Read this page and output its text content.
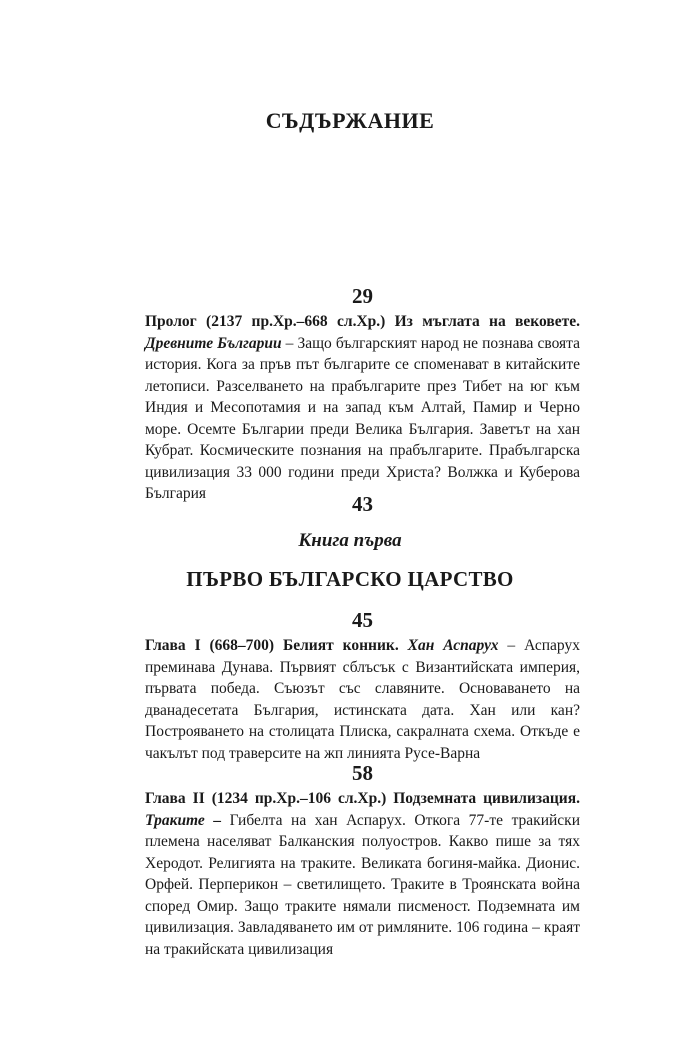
СЪДЪРЖАНИЕ
29
Пролог (2137 пр.Хр.–668 сл.Хр.) Из мъглата на вековете. Древните Българии – Защо българският народ не познава своята история. Кога за пръв път българите се споменават в китайските летописи. Разселването на прабългарите през Тибет на юг към Индия и Месопотамия и на запад към Алтай, Памир и Черно море. Осемте Българии преди Велика България. Заветът на хан Кубрат. Космическите познания на прабългарите. Прабългарска цивилизация 33 000 години преди Христа? Волжка и Куберова България	43
Книга първа
ПЪРВО БЪЛГАРСКО ЦАРСТВО
45
Глава I (668–700) Белият конник. Хан Аспарух – Аспарух преминава Дунава. Първият сблъсък с Византийската империя, първата победа. Съюзът със славяните. Основаването на дванадесетата България, истинската дата. Хан или кан? Построяването на столицата Плиска, сакралната схема. Откъде е чакълът под траверсите на жп линията Русе-Варна
58
Глава II (1234 пр.Хр.–106 сл.Хр.) Подземната цивилизация. Траките – Гибелта на хан Аспарух. Откога 77-те тракийски племена населяват Балканския полуостров. Какво пише за тях Херодот. Религията на траките. Великата богиня-майка. Дионис. Орфей. Перперикон – светилището. Траките в Троянската война според Омир. Защо траките нямали писменост. Подземната им цивилизация. Завладяването им от римляните. 106 година – краят на тракийската цивилизация
